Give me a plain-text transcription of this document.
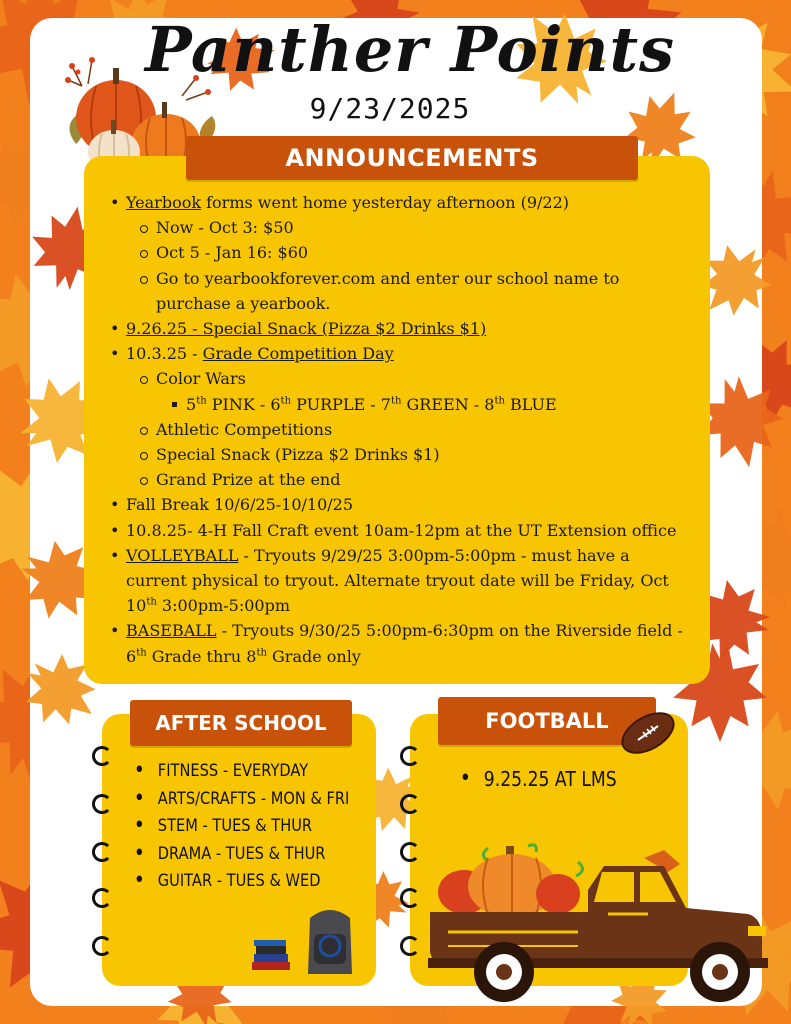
Panther Points
9/23/2025
ANNOUNCEMENTS
• Yearbook forms went home yesterday afternoon (9/22)
Now - Oct 3: $50
Oct 5 - Jan 16: $60
Go to yearbookforever.com and enter our school name to
purchase a yearbook.
• 9.26.25 - Special Snack (Pizza $2 Drinks $1)
• 10.3.25 - Grade Competition Day
Color Wars
5th PINK - 6th PURPLE - 7th GREEN - 8th BLUE
Athletic Competitions
Special Snack (Pizza $2 Drinks $1)
Grand Prize at the end
• Fall Break 10/6/25-10/10/25
• 10.8.25- 4-H Fall Craft event 10am-12pm at the UT Extension office
• VOLLEYBALL - Tryouts 9/29/25 3:00pm-5:00pm - must have a
current physical to tryout. Alternate tryout date will be Friday, Oct
10th 3:00pm-5:00pm
• BASEBALL - Tryouts 9/30/25 5:00pm-6:30pm on the Riverside field -
6th Grade thru 8th Grade only
AFTER SCHOOL
• FITNESS - EVERYDAY
• ARTS/CRAFTS - MON & FRI
• STEM - TUES & THUR
• DRAMA - TUES & THUR
• GUITAR - TUES & WED
FOOTBALL
• 9.25.25 AT LMS
